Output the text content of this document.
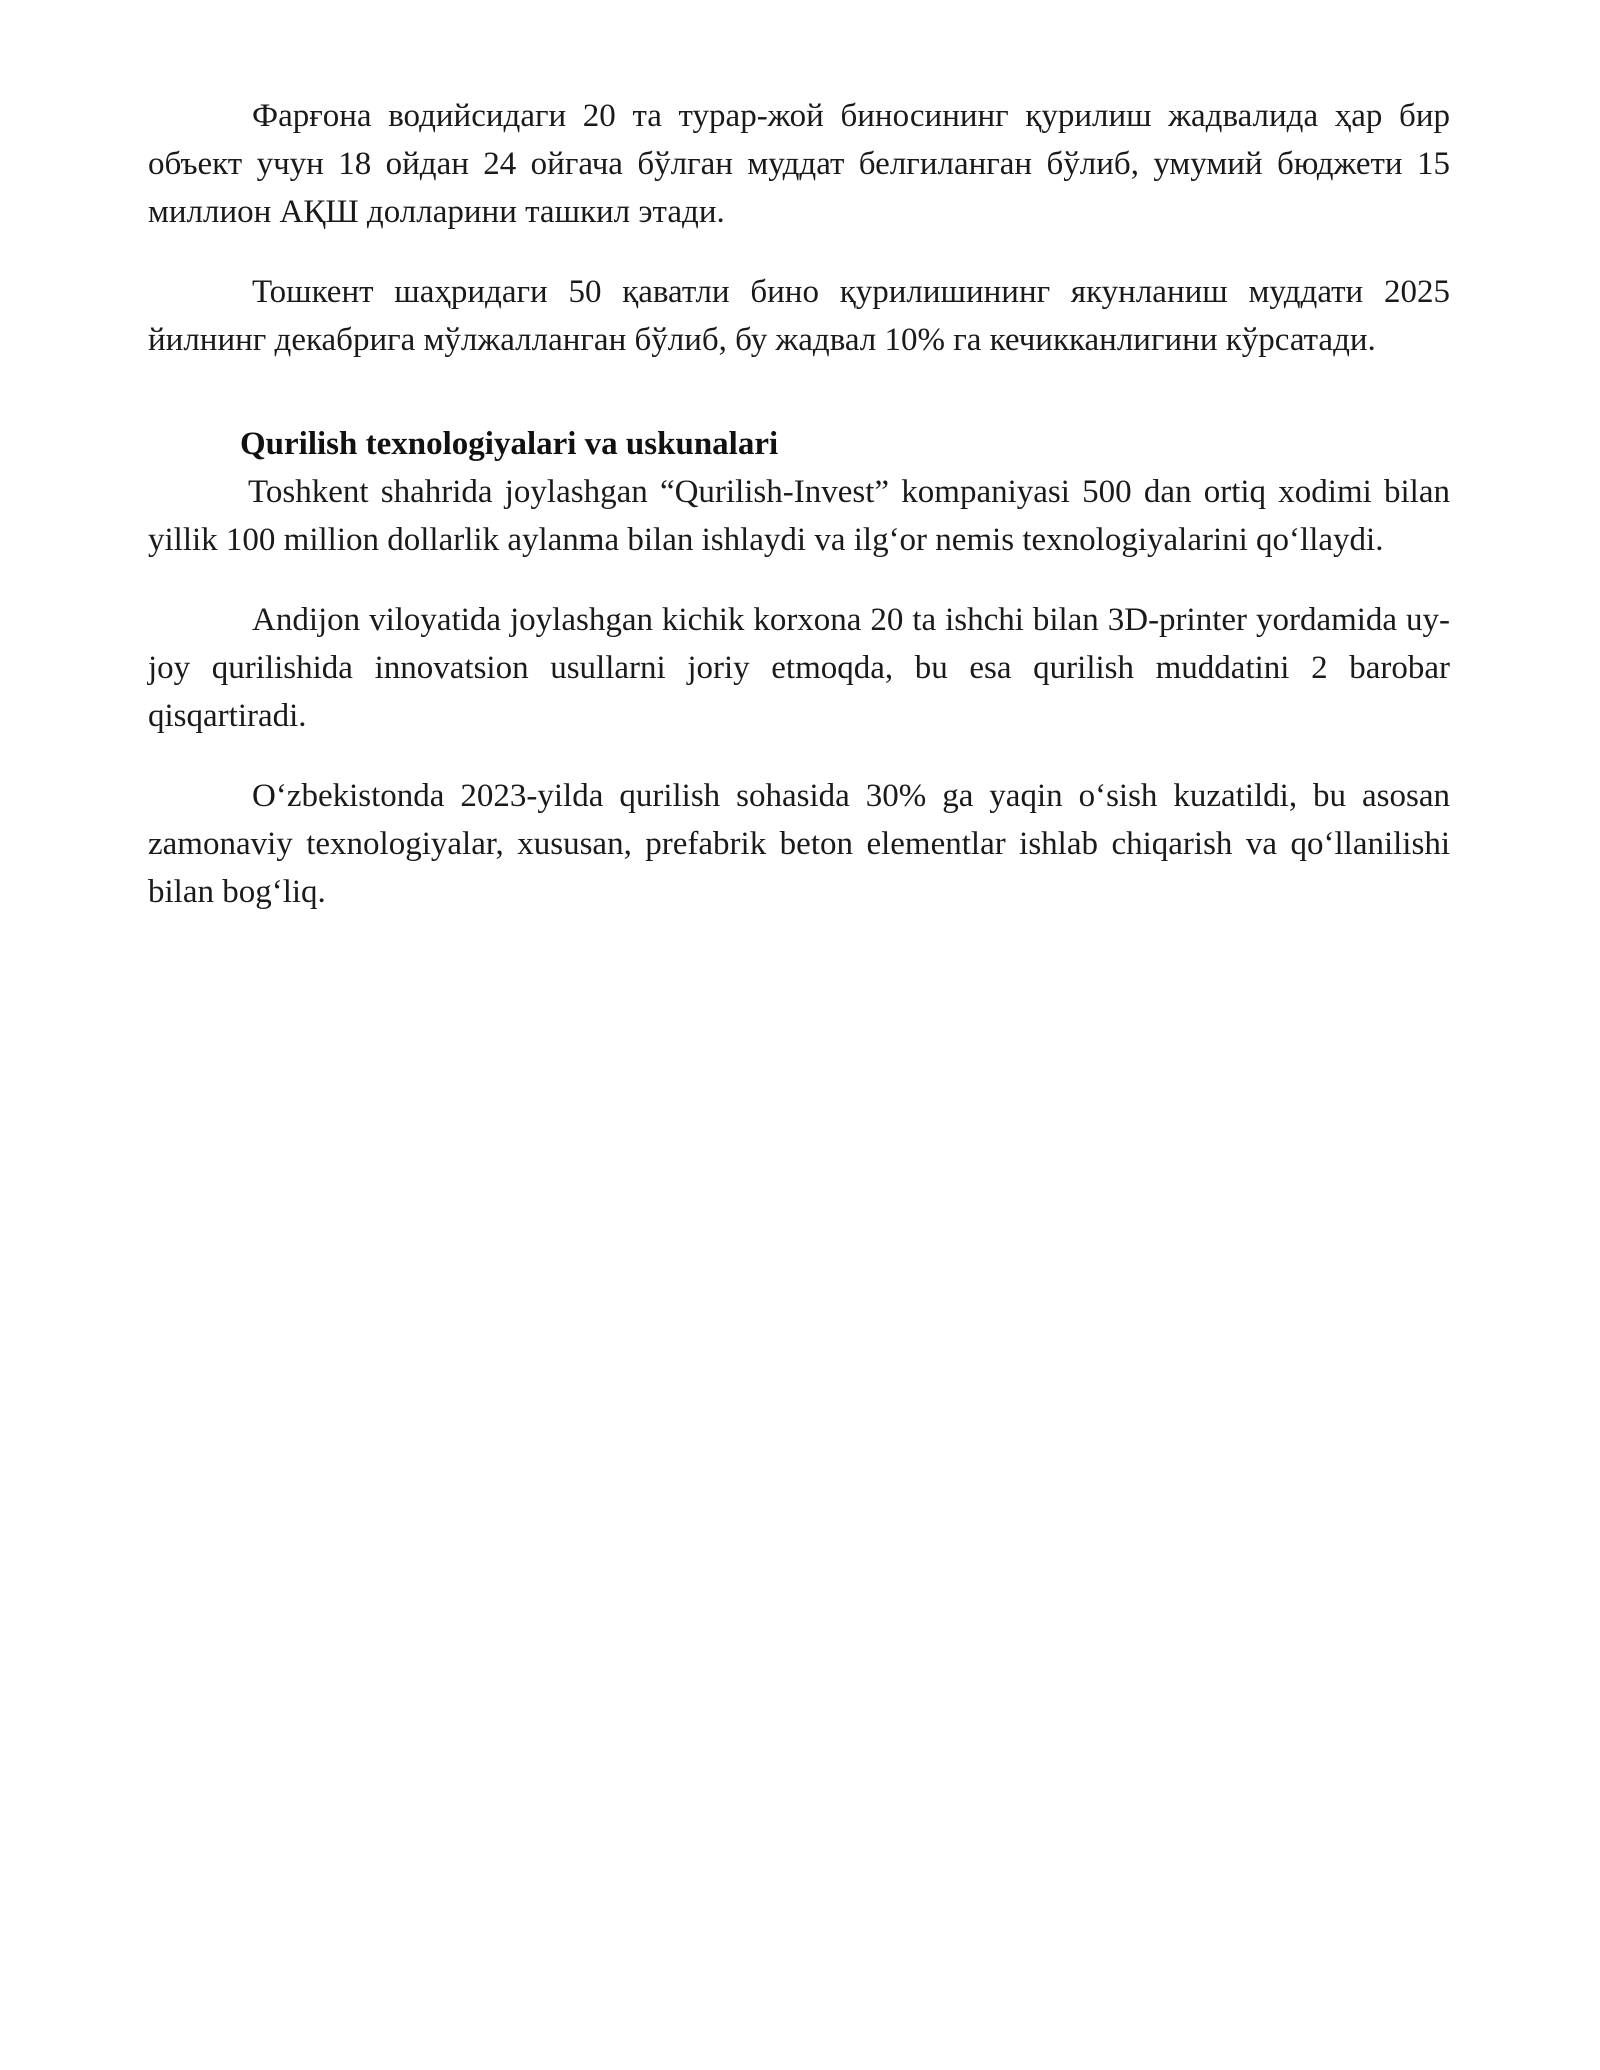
Фарғона водийсидаги 20 та турар-жой биносининг қурилиш жадвалида ҳар бир объект учун 18 ойдан 24 ойгача бўлган муддат белгиланган бўлиб, умумий бюджети 15 миллион АҚШ долларини ташкил этади.

Тошкент шаҳридаги 50 қаватли бино қурилишининг якунланиш муддати 2025 йилнинг декабрига мўлжалланган бўлиб, бу жадвал 10% га кечикканлигини кўрсатади.

Qurilish texnologiyalari va uskunalari

Toshkent shahrida joylashgan “Qurilish-Invest” kompaniyasi 500 dan ortiq xodimi bilan yillik 100 million dollarlik aylanma bilan ishlaydi va ilg‘or nemis texnologiyalarini qo‘llaydi.

Andijon viloyatida joylashgan kichik korxona 20 ta ishchi bilan 3D-printer yordamida uy-joy qurilishida innovatsion usullarni joriy etmoqda, bu esa qurilish muddatini 2 barobar qisqartiradi.

O‘zbekistonda 2023-yilda qurilish sohasida 30% ga yaqin o‘sish kuzatildi, bu asosan zamonaviy texnologiyalar, xususan, prefabrik beton elementlar ishlab chiqarish va qo‘llanilishi bilan bog‘liq.
